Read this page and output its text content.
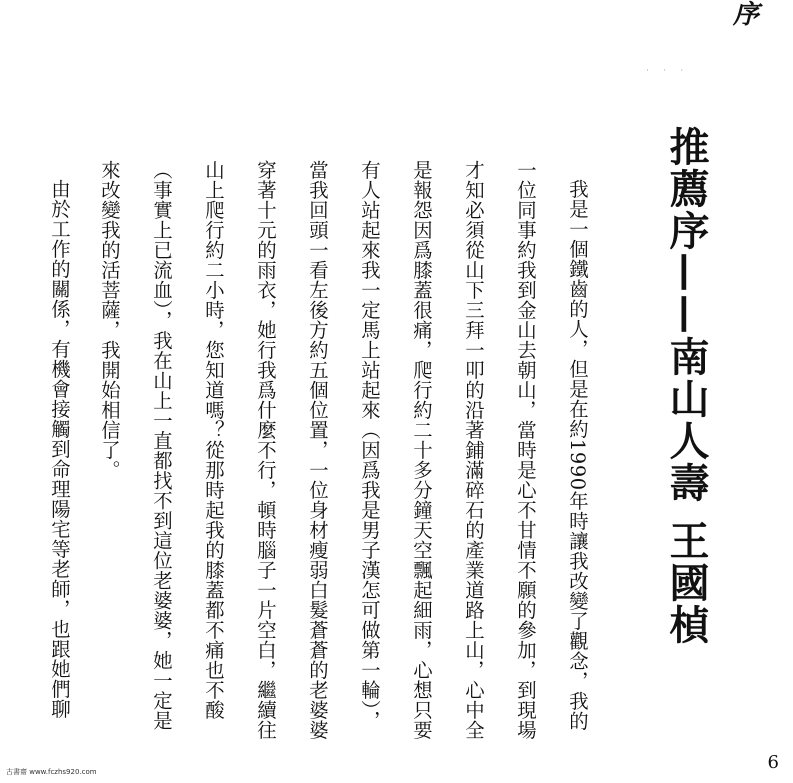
序
· · ·
推薦序——南山人壽 王國楨

我是一個鐵齒的人，但是在約1990年時讓我改變了觀念，我的

一位同事約我到金山去朝山，當時是心不甘情不願的參加，到現場才知必須從山下三拜一叩的沿著鋪滿碎石的產業道路上山，心中全是報怨因爲膝蓋很痛，爬行約二十多分鐘天空飄起細雨，心想只要有人站起來我一定馬上站起來（因爲我是男子漢怎可做第一輪），當我回頭一看左後方約五個位置，一位身材瘦弱白髮蒼蒼的老婆婆穿著十元的雨衣，她行我爲什麼不行，頓時腦子一片空白，繼續往山上爬行約二小時，您知道嗎？從那時起我的膝蓋都不痛也不酸（事實上已流血），我在山上一直都找不到這位老婆婆，她一定是來改變我的活菩薩，我開始相信了。

由於工作的關係，有機會接觸到命理陽宅等老師，也跟她們聊
古書齋 www.fczhs920.com	6
